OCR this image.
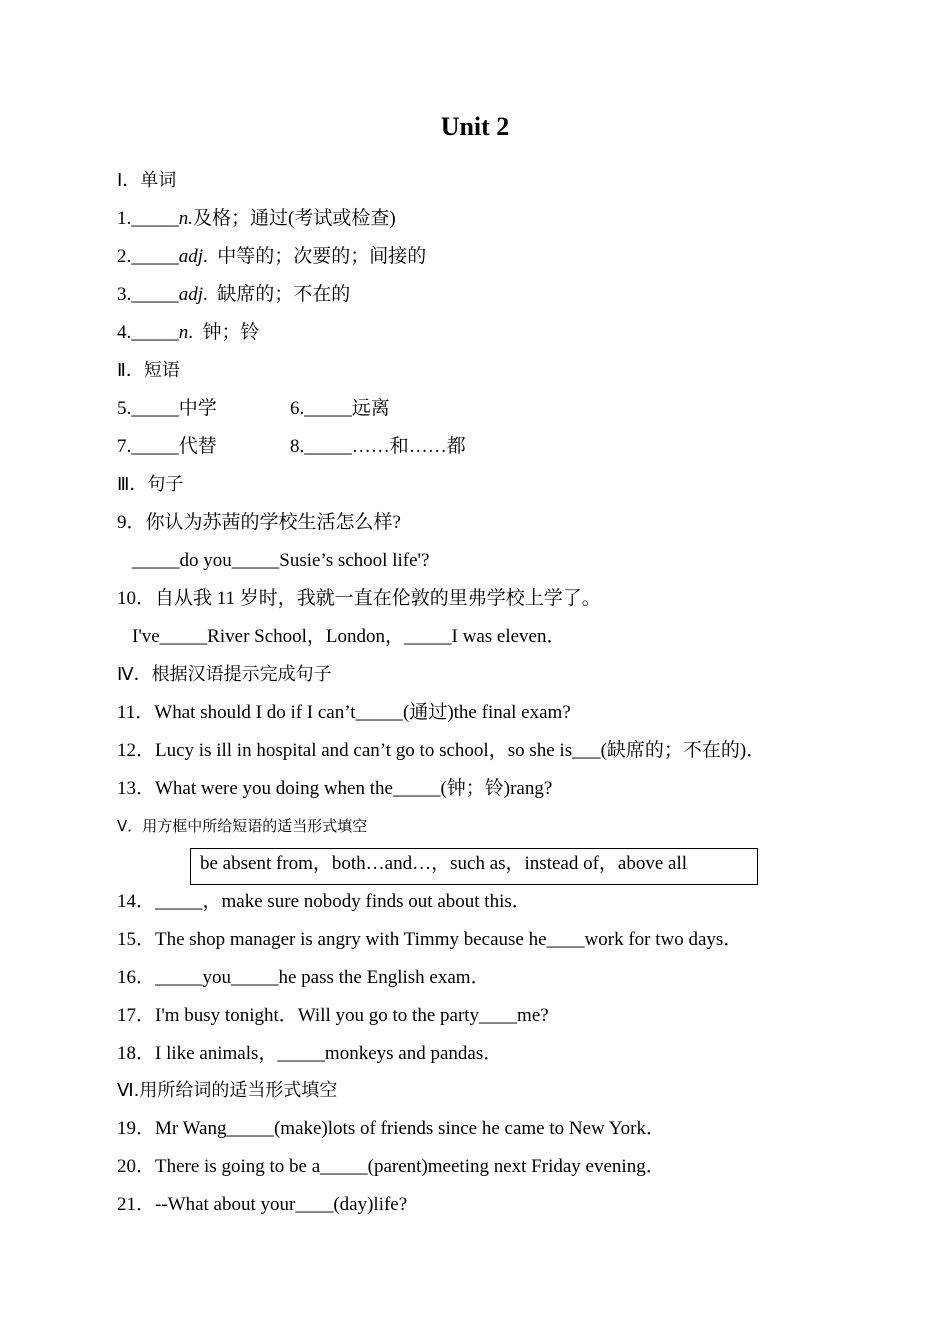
Unit 2
Ⅰ．单词
1._____n.及格；通过(考试或检查)
2._____adj.  中等的；次要的；间接的
3._____adj.  缺席的；不在的
4._____n.  钟；铃
Ⅱ．短语
5._____中学	6._____远离
7._____代替	8._____……和……都
Ⅲ．句子
9．你认为苏茜的学校生活怎么样?
_____do you_____Susie’s school life'?
10．自从我 11 岁时，我就一直在伦敦的里弗学校上学了。
I've_____River School，London，_____I was eleven．
Ⅳ．根据汉语提示完成句子
11．What should I do if I can’t_____(通过)the final exam?
12．Lucy is ill in hospital and can’t go to school，so she is___(缺席的；不在的)．
13．What were you doing when the_____(钟；铃)rang?
V．用方框中所给短语的适当形式填空
be absent from，both…and…，such as，instead of，above all
14．_____，make sure nobody finds out about this．
15．The shop manager is angry with Timmy because he____work for two days．
16．_____you_____he pass the English exam．
17．I'm busy tonight．Will you go to the party____me?
18．I like animals，_____monkeys and pandas．
Ⅵ.用所给词的适当形式填空
19．Mr Wang_____(make)lots of friends since he came to New York．
20．There is going to be a_____(parent)meeting next Friday evening．
21．--What about your____(day)life?
